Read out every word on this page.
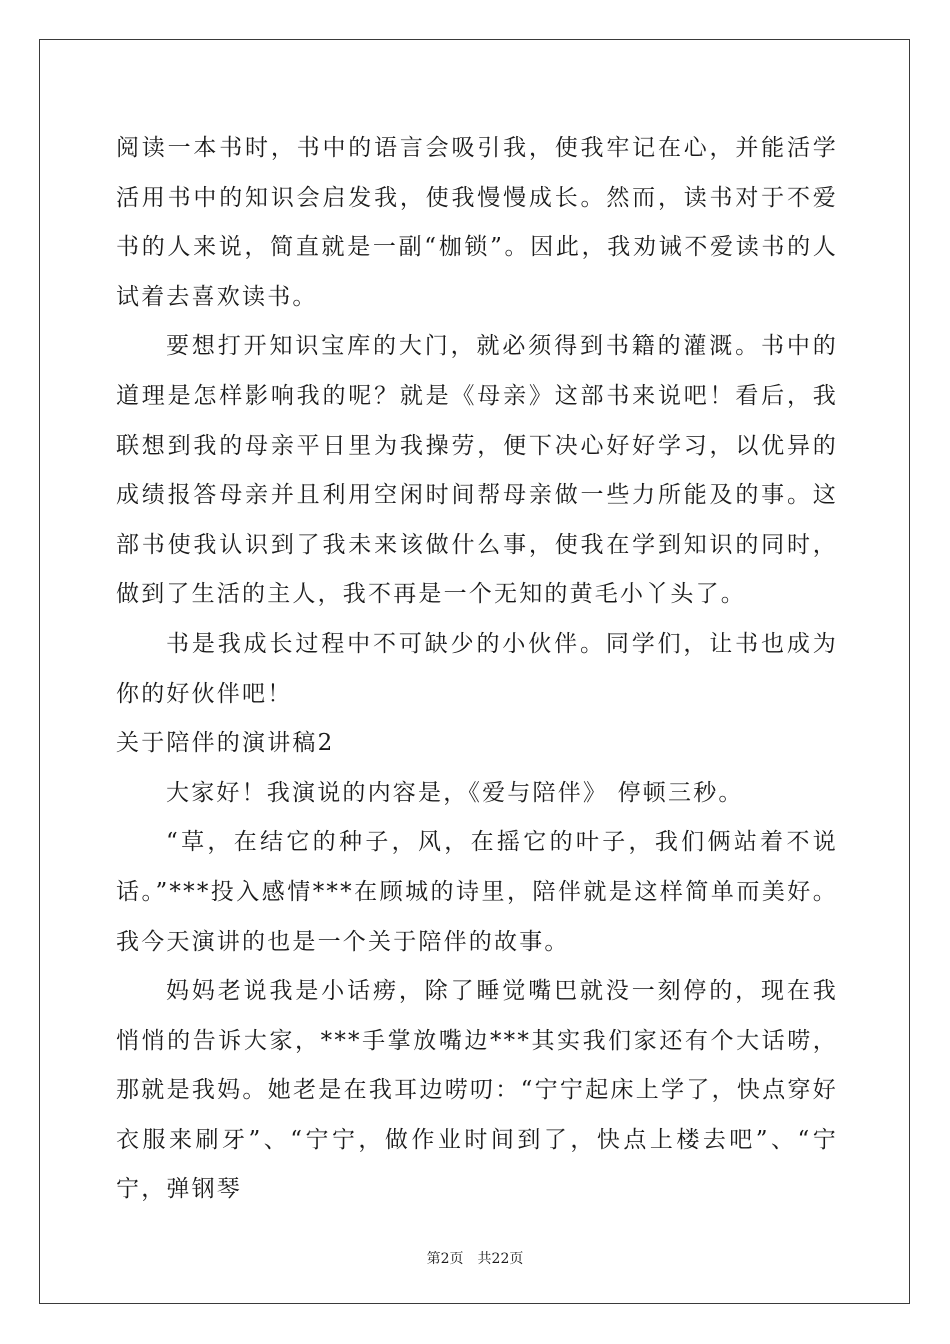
阅读一本书时，书中的语言会吸引我，使我牢记在心，并能活学活用书中的知识会启发我，使我慢慢成长。然而，读书对于不爱书的人来说，简直就是一副“枷锁”。因此，我劝诫不爱读书的人试着去喜欢读书。

要想打开知识宝库的大门，就必须得到书籍的灌溉。书中的道理是怎样影响我的呢？就是《母亲》这部书来说吧！看后，我联想到我的母亲平日里为我操劳，便下决心好好学习，以优异的成绩报答母亲并且利用空闲时间帮母亲做一些力所能及的事。这部书使我认识到了我未来该做什么事，使我在学到知识的同时，做到了生活的主人，我不再是一个无知的黄毛小丫头了。

书是我成长过程中不可缺少的小伙伴。同学们，让书也成为你的好伙伴吧！

关于陪伴的演讲稿2

大家好！我演说的内容是，《爱与陪伴》 停顿三秒。

“草，在结它的种子，风，在摇它的叶子，我们俩站着不说话。”***投入感情***在顾城的诗里，陪伴就是这样简单而美好。我今天演讲的也是一个关于陪伴的故事。

妈妈老说我是小话痨，除了睡觉嘴巴就没一刻停的，现在我悄悄的告诉大家，***手掌放嘴边***其实我们家还有个大话唠，那就是我妈。她老是在我耳边唠叨：“宁宁起床上学了，快点穿好衣服来刷牙”、“宁宁，做作业时间到了，快点上楼去吧”、“宁宁，弹钢琴

第2页　共22页
